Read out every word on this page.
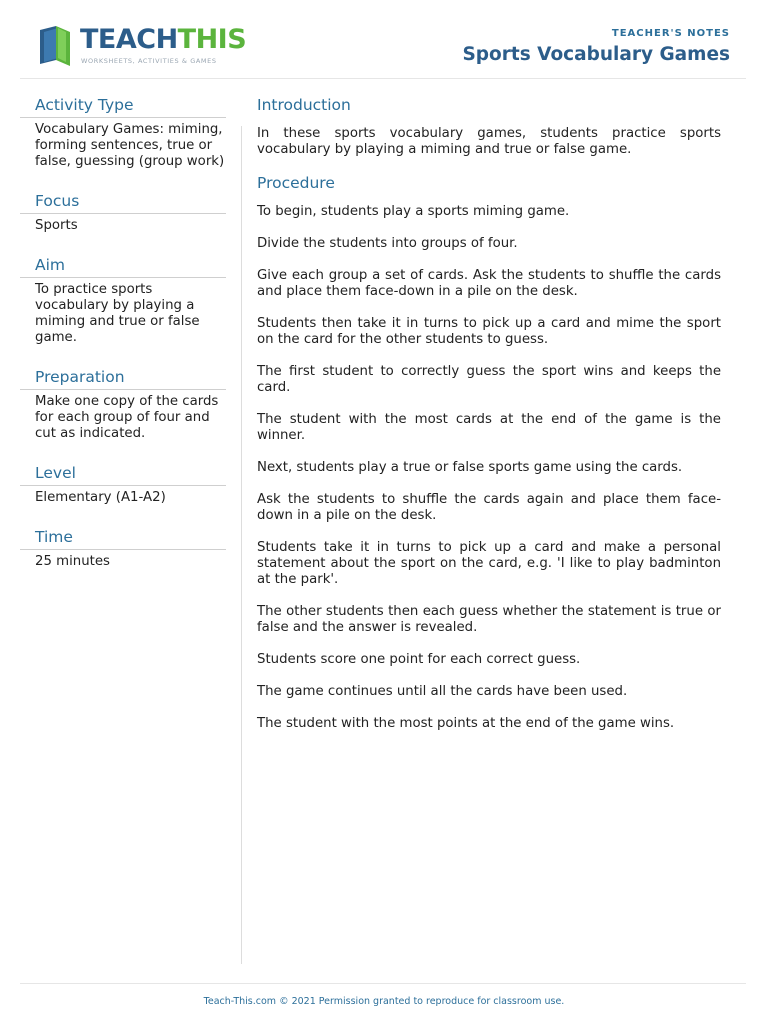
TEACHTHIS
WORKSHEETS, ACTIVITIES & GAMES
TEACHER'S NOTES
Sports Vocabulary Games
Activity Type

Vocabulary Games: miming, forming sentences, true or false, guessing (group work)

Focus

Sports

Aim

To practice sports vocabulary by playing a miming and true or false game.

Preparation

Make one copy of the cards for each group of four and cut as indicated.

Level

Elementary (A1-A2)

Time

25 minutes

Introduction

In these sports vocabulary games, students practice sports vocabulary by playing a miming and true or false game.

Procedure

To begin, students play a sports miming game.

Divide the students into groups of four.

Give each group a set of cards. Ask the students to shuffle the cards and place them face-down in a pile on the desk.

Students then take it in turns to pick up a card and mime the sport on the card for the other students to guess.

The first student to correctly guess the sport wins and keeps the card.

The student with the most cards at the end of the game is the winner.

Next, students play a true or false sports game using the cards.

Ask the students to shuffle the cards again and place them face-down in a pile on the desk.

Students take it in turns to pick up a card and make a personal statement about the sport on the card, e.g. 'I like to play badminton at the park'.

The other students then each guess whether the statement is true or false and the answer is revealed.

Students score one point for each correct guess.

The game continues until all the cards have been used.

The student with the most points at the end of the game wins.

Teach-This.com © 2021 Permission granted to reproduce for classroom use.
